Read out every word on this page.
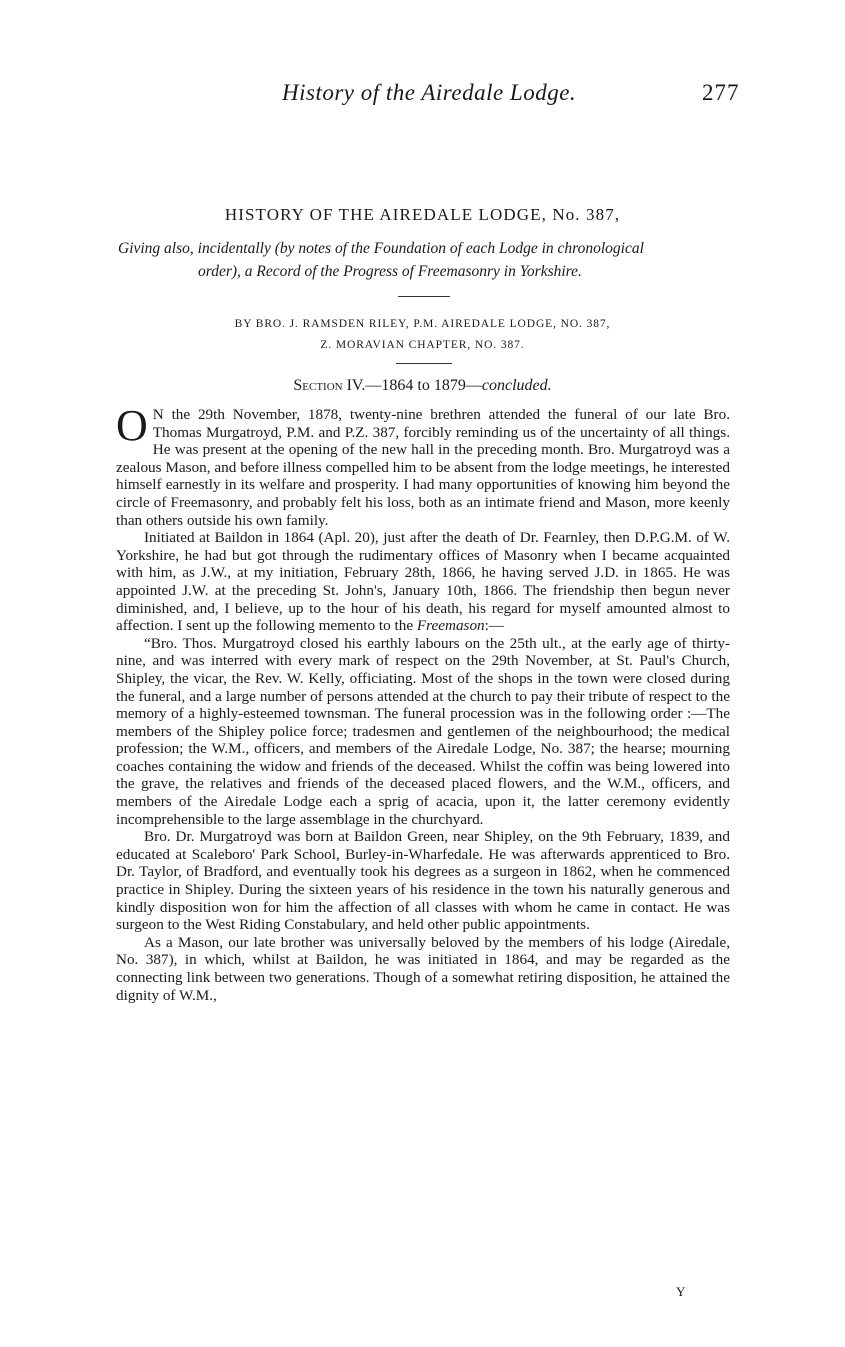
History of the Airedale Lodge.	277
HISTORY OF THE AIREDALE LODGE, No. 387,
Giving also, incidentally (by notes of the Foundation of each Lodge in chronological
order), a Record of the Progress of Freemasonry in Yorkshire.
BY BRO. J. RAMSDEN RILEY, P.M. AIREDALE LODGE, NO. 387,
Z. MORAVIAN CHAPTER, NO. 387.
Section IV.—1864 to 1879—concluded.

O N the 29th November, 1878, twenty-nine brethren attended the funeral of our late Bro. Thomas Murgatroyd, P.M. and P.Z. 387, forcibly reminding us of the uncertainty of all things. He was present at the opening of the new hall in the preceding month. Bro. Murgatroyd was a zealous Mason, and before illness compelled him to be absent from the lodge meetings, he interested himself earnestly in its welfare and prosperity. I had many opportunities of knowing him beyond the circle of Freemasonry, and probably felt his loss, both as an intimate friend and Mason, more keenly than others outside his own family.

Initiated at Baildon in 1864 (Apl. 20), just after the death of Dr. Fearnley, then D.P.G.M. of W. Yorkshire, he had but got through the rudimentary offices of Masonry when I became acquainted with him, as J.W., at my initiation, February 28th, 1866, he having served J.D. in 1865. He was appointed J.W. at the preceding St. John's, January 10th, 1866. The friendship then begun never diminished, and, I believe, up to the hour of his death, his regard for myself amounted almost to affection. I sent up the following memento to the Freemason:—

“Bro. Thos. Murgatroyd closed his earthly labours on the 25th ult., at the early age of thirty-nine, and was interred with every mark of respect on the 29th November, at St. Paul's Church, Shipley, the vicar, the Rev. W. Kelly, officiating. Most of the shops in the town were closed during the funeral, and a large number of persons attended at the church to pay their tribute of respect to the memory of a highly-esteemed townsman. The funeral procession was in the following order :—The members of the Shipley police force; tradesmen and gentlemen of the neighbourhood; the medical profession; the W.M., officers, and members of the Airedale Lodge, No. 387; the hearse; mourning coaches containing the widow and friends of the deceased. Whilst the coffin was being lowered into the grave, the relatives and friends of the deceased placed flowers, and the W.M., officers, and members of the Airedale Lodge each a sprig of acacia, upon it, the latter ceremony evidently incomprehensible to the large assemblage in the churchyard.

Bro. Dr. Murgatroyd was born at Baildon Green, near Shipley, on the 9th February, 1839, and educated at Scaleboro' Park School, Burley-in-Wharfedale. He was afterwards apprenticed to Bro. Dr. Taylor, of Bradford, and eventually took his degrees as a surgeon in 1862, when he commenced practice in Shipley. During the sixteen years of his residence in the town his naturally generous and kindly disposition won for him the affection of all classes with whom he came in contact. He was surgeon to the West Riding Constabulary, and held other public appointments.

As a Mason, our late brother was universally beloved by the members of his lodge (Airedale, No. 387), in which, whilst at Baildon, he was initiated in 1864, and may be regarded as the connecting link between two generations. Though of a somewhat retiring disposition, he attained the dignity of W.M.,

Y
